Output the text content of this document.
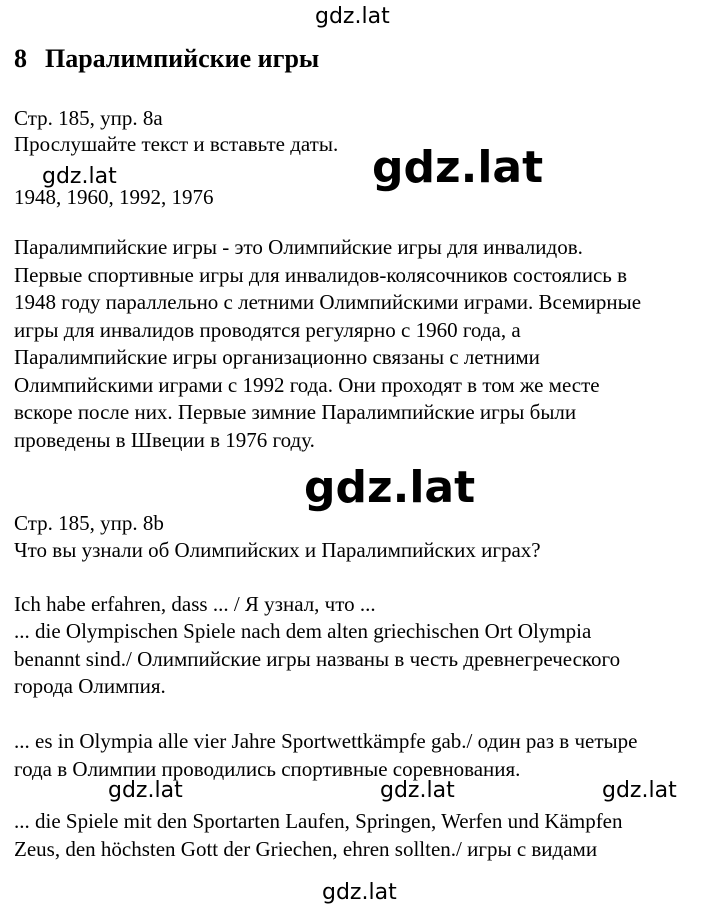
gdz.lat
gdz.lat	gdz.lat
gdz.lat
gdz.lat	gdz.lat	gdz.lat
gdz.lat
8 Паралимпийские игры
Стр. 185, упр. 8а
Прослушайте текст и вставьте даты.
1948, 1960, 1992, 1976
Паралимпийские игры - это Олимпийские игры для инвалидов.
Первые спортивные игры для инвалидов-колясочников состоялись в
1948 году параллельно с летними Олимпийскими играми. Всемирные
игры для инвалидов проводятся регулярно с 1960 года, а
Паралимпийские игры организационно связаны с летними
Олимпийскими играми с 1992 года. Они проходят в том же месте
вскоре после них. Первые зимние Паралимпийские игры были
проведены в Швеции в 1976 году.
Стр. 185, упр. 8b
Что вы узнали об Олимпийских и Паралимпийских играх?
Ich habe erfahren, dass ... / Я узнал, что ...
... die Olympischen Spiele nach dem alten griechischen Ort Olympia
benannt sind./ Олимпийские игры названы в честь древнегреческого
города Олимпия.
... es in Olympia alle vier Jahre Sportwettkämpfe gab./ один раз в четыре
года в Олимпии проводились спортивные соревнования.
... die Spiele mit den Sportarten Laufen, Springen, Werfen und Kämpfen
Zeus, den höchsten Gott der Griechen, ehren sollten./ игры с видами
